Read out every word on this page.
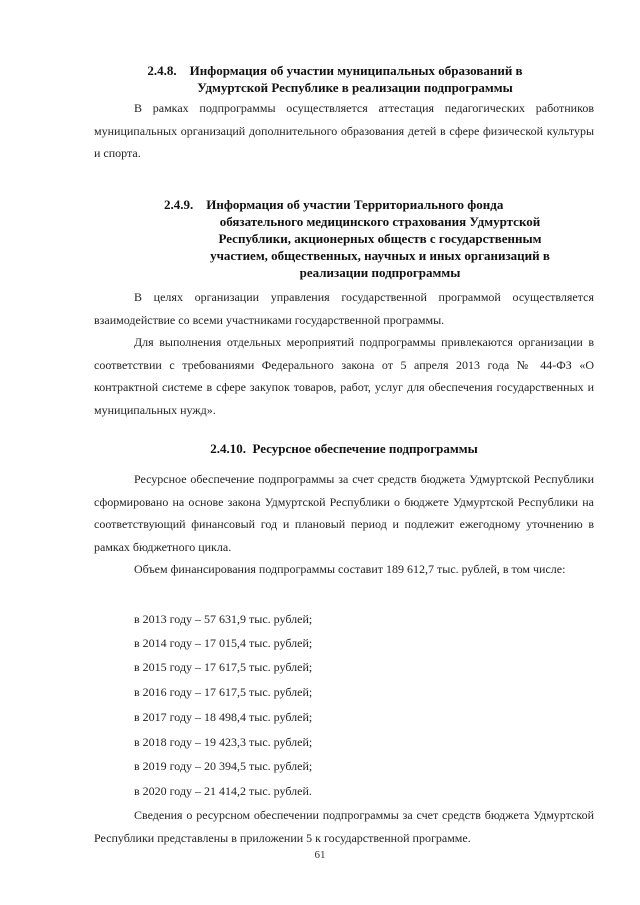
2.4.8.    Информация об участии муниципальных образований в
Удмуртской Республике в реализации подпрограммы

В рамках подпрограммы осуществляется аттестация педагогических работников муниципальных организаций дополнительного образования детей в сфере физической культуры и спорта.

2.4.9.    Информация об участии Территориального фонда
обязательного медицинского страхования Удмуртской
Республики, акционерных обществ с государственным
участием, общественных, научных и иных организаций в
реализации подпрограммы

В целях организации управления государственной программой осуществляется взаимодействие со всеми участниками государственной программы.

Для выполнения отдельных мероприятий подпрограммы привлекаются организации в соответствии с требованиями Федерального закона от 5 апреля 2013 года № 44-ФЗ «О контрактной системе в сфере закупок товаров, работ, услуг для обеспечения государственных и муниципальных нужд».

2.4.10.  Ресурсное обеспечение подпрограммы

Ресурсное обеспечение подпрограммы за счет средств бюджета Удмуртской Республики сформировано на основе закона Удмуртской Республики о бюджете Удмуртской Республики на соответствующий финансовый год и плановый период и подлежит ежегодному уточнению в рамках бюджетного цикла.

Объем финансирования подпрограммы составит 189 612,7 тыс. рублей, в том числе:

в 2013 году – 57 631,9 тыс. рублей;
в 2014 году – 17 015,4 тыс. рублей;
в 2015 году – 17 617,5 тыс. рублей;
в 2016 году – 17 617,5 тыс. рублей;
в 2017 году – 18 498,4 тыс. рублей;
в 2018 году – 19 423,3 тыс. рублей;
в 2019 году – 20 394,5 тыс. рублей;
в 2020 году – 21 414,2 тыс. рублей.

Сведения о ресурсном обеспечении подпрограммы за счет средств бюджета Удмуртской Республики представлены в приложении 5 к государственной программе.

61
